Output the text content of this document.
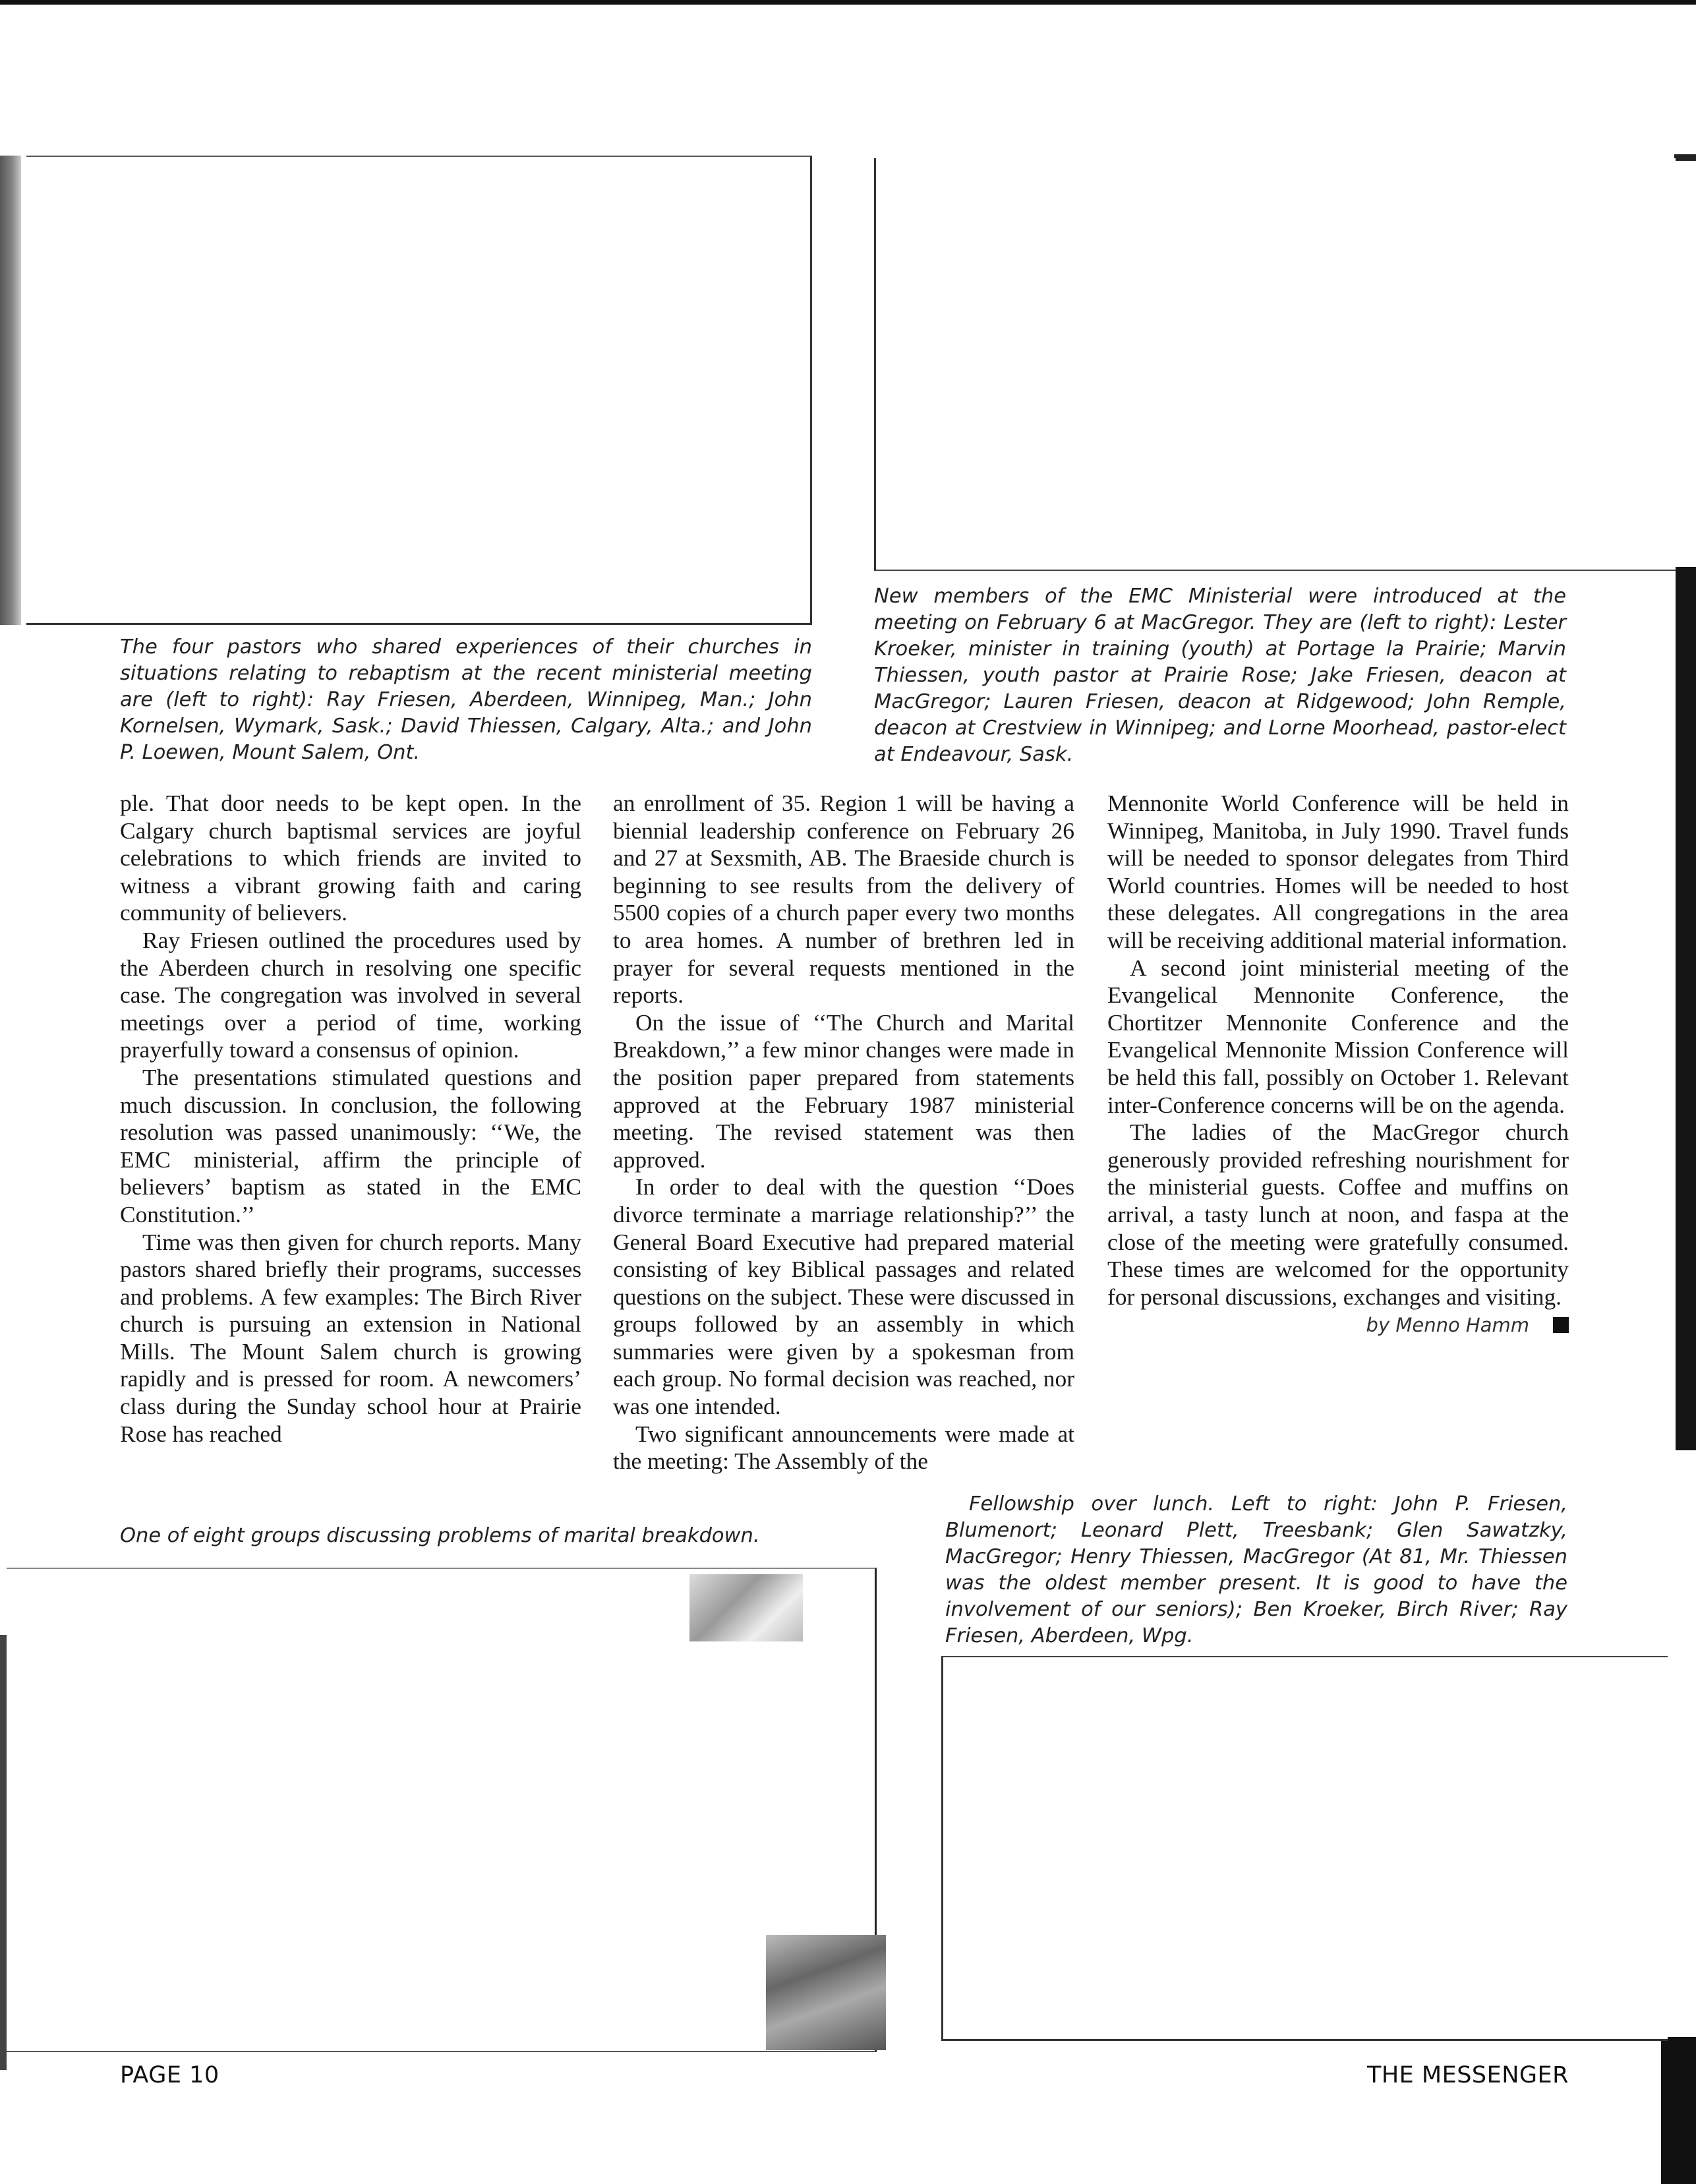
The four pastors who shared experiences of their churches in situations relating to rebaptism at the recent ministerial meeting are (left to right): Ray Friesen, Aberdeen, Winnipeg, Man.; John Kornelsen, Wymark, Sask.; David Thiessen, Calgary, Alta.; and John P. Loewen, Mount Salem, Ont.

New members of the EMC Ministerial were introduced at the meeting on February 6 at MacGregor. They are (left to right): Lester Kroeker, minister in training (youth) at Portage la Prairie; Marvin Thiessen, youth pastor at Prairie Rose; Jake Friesen, deacon at MacGregor; Lauren Friesen, deacon at Ridgewood; John Remple, deacon at Crestview in Winnipeg; and Lorne Moorhead, pastor-elect at Endeavour, Sask.

One of eight groups discussing problems of marital breakdown.

Fellowship over lunch. Left to right: John P. Friesen, Blumenort; Leonard Plett, Treesbank; Glen Sawatzky, MacGregor; Henry Thiessen, MacGregor (At 81, Mr. Thiessen was the oldest member present. It is good to have the involvement of our seniors); Ben Kroeker, Birch River; Ray Friesen, Aberdeen, Wpg.

ple. That door needs to be kept open. In the Calgary church baptismal services are joyful celebrations to which friends are invited to witness a vibrant growing faith and caring community of believers.

Ray Friesen outlined the procedures used by the Aberdeen church in resolving one specific case. The congregation was involved in several meetings over a period of time, working prayerfully toward a consensus of opinion.

The presentations stimulated questions and much discussion. In conclusion, the following resolution was passed unanimously: ‘‘We, the EMC ministerial, affirm the principle of believers’ baptism as stated in the EMC Constitution.’’

Time was then given for church reports. Many pastors shared briefly their programs, successes and problems. A few examples: The Birch River church is pursuing an extension in National Mills. The Mount Salem church is growing rapidly and is pressed for room. A newcomers’ class during the Sunday school hour at Prairie Rose has reached

an enrollment of 35. Region 1 will be having a biennial leadership conference on February 26 and 27 at Sexsmith, AB. The Braeside church is beginning to see results from the delivery of 5500 copies of a church paper every two months to area homes. A number of brethren led in prayer for several requests mentioned in the reports.

On the issue of ‘‘The Church and Marital Breakdown,’’ a few minor changes were made in the position paper prepared from statements approved at the February 1987 ministerial meeting. The revised statement was then approved.

In order to deal with the question ‘‘Does divorce terminate a marriage relationship?’’ the General Board Executive had prepared material consisting of key Biblical passages and related questions on the subject. These were discussed in groups followed by an assembly in which summaries were given by a spokesman from each group. No formal decision was reached, nor was one intended.

Two significant announcements were made at the meeting: The Assembly of the

Mennonite World Conference will be held in Winnipeg, Manitoba, in July 1990. Travel funds will be needed to sponsor delegates from Third World countries. Homes will be needed to host these delegates. All congregations in the area will be receiving additional material information.

A second joint ministerial meeting of the Evangelical Mennonite Conference, the Chortitzer Mennonite Conference and the Evangelical Mennonite Mission Conference will be held this fall, possibly on October 1. Relevant inter-Conference concerns will be on the agenda.

The ladies of the MacGregor church generously provided refreshing nourishment for the ministerial guests. Coffee and muffins on arrival, a tasty lunch at noon, and faspa at the close of the meeting were gratefully consumed. These times are welcomed for the opportunity for personal discussions, exchanges and visiting.

by Menno Hamm
PAGE 10	THE MESSENGER
